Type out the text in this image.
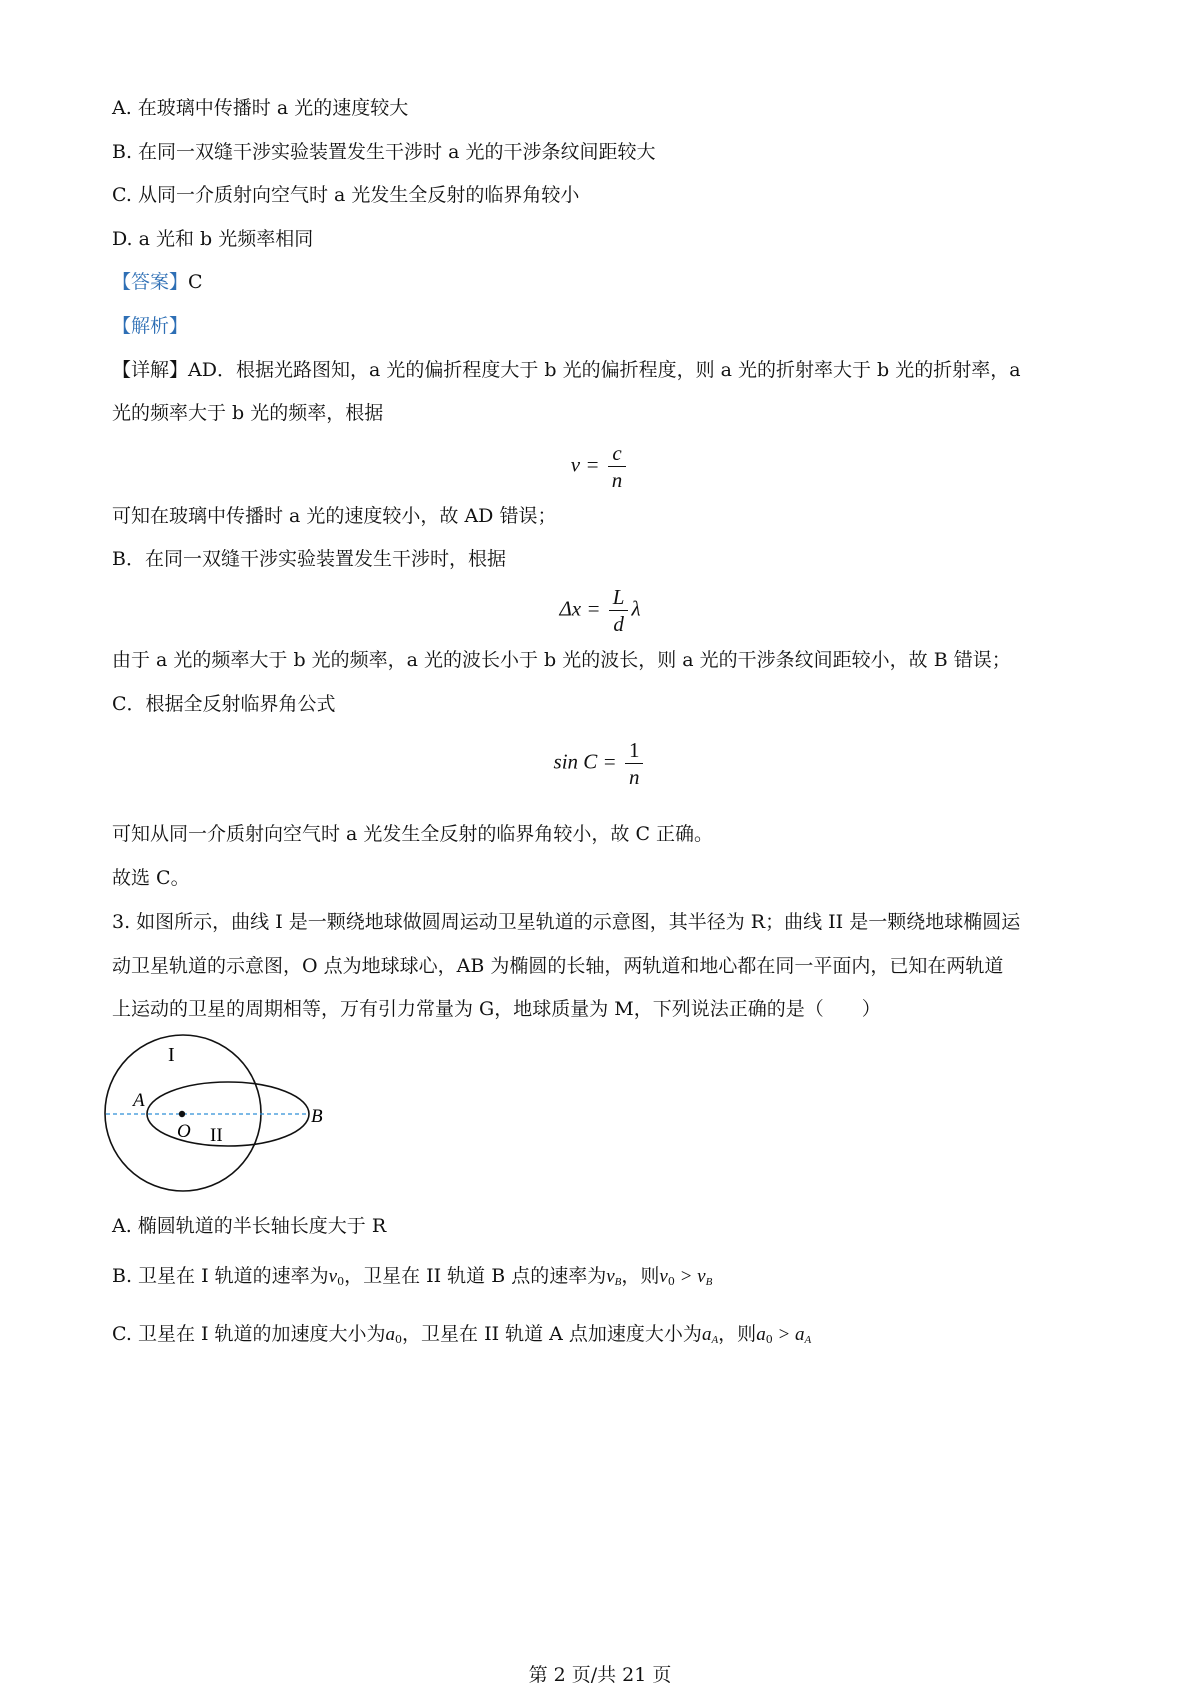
A. 在玻璃中传播时 a 光的速度较大
B. 在同一双缝干涉实验装置发生干涉时 a 光的干涉条纹间距较大
C. 从同一介质射向空气时 a 光发生全反射的临界角较小
D. a 光和 b 光频率相同
【答案】C
【解析】
【详解】AD．根据光路图知，a 光的偏折程度大于 b 光的偏折程度，则 a 光的折射率大于 b 光的折射率，a
光的频率大于 b 光的频率，根据
$v = \frac{c}{n}$
可知在玻璃中传播时 a 光的速度较小，故 AD 错误；
B．在同一双缝干涉实验装置发生干涉时，根据
$\Delta x = \frac{L}{d}$ λ
由于 a 光的频率大于 b 光的频率，a 光的波长小于 b 光的波长，则 a 光的干涉条纹间距较小，故 B 错误；
C．根据全反射临界角公式
$\sin C = \frac{1}{n}$
可知从同一介质射向空气时 a 光发生全反射的临界角较小，故 C 正确。
故选 C。
3. 如图所示，曲线 I 是一颗绕地球做圆周运动卫星轨道的示意图，其半径为 R；曲线 II 是一颗绕地球椭圆运
动卫星轨道的示意图，O 点为地球球心，AB 为椭圆的长轴，两轨道和地心都在同一平面内，已知在两轨道
上运动的卫星的周期相等，万有引力常量为 G，地球质量为 M，下列说法正确的是（　　）
I
A
B
O II
A. 椭圆轨道的半长轴长度大于 R
B. 卫星在 I 轨道的速率为$v_0$，卫星在 II 轨道 B 点的速率为$v_B$，则$v_0 > v_B$
C. 卫星在 I 轨道的加速度大小为$a_0$，卫星在 II 轨道 A 点加速度大小为$a_A$，则$a_0 > a_A$
第 2 页/共 21 页
